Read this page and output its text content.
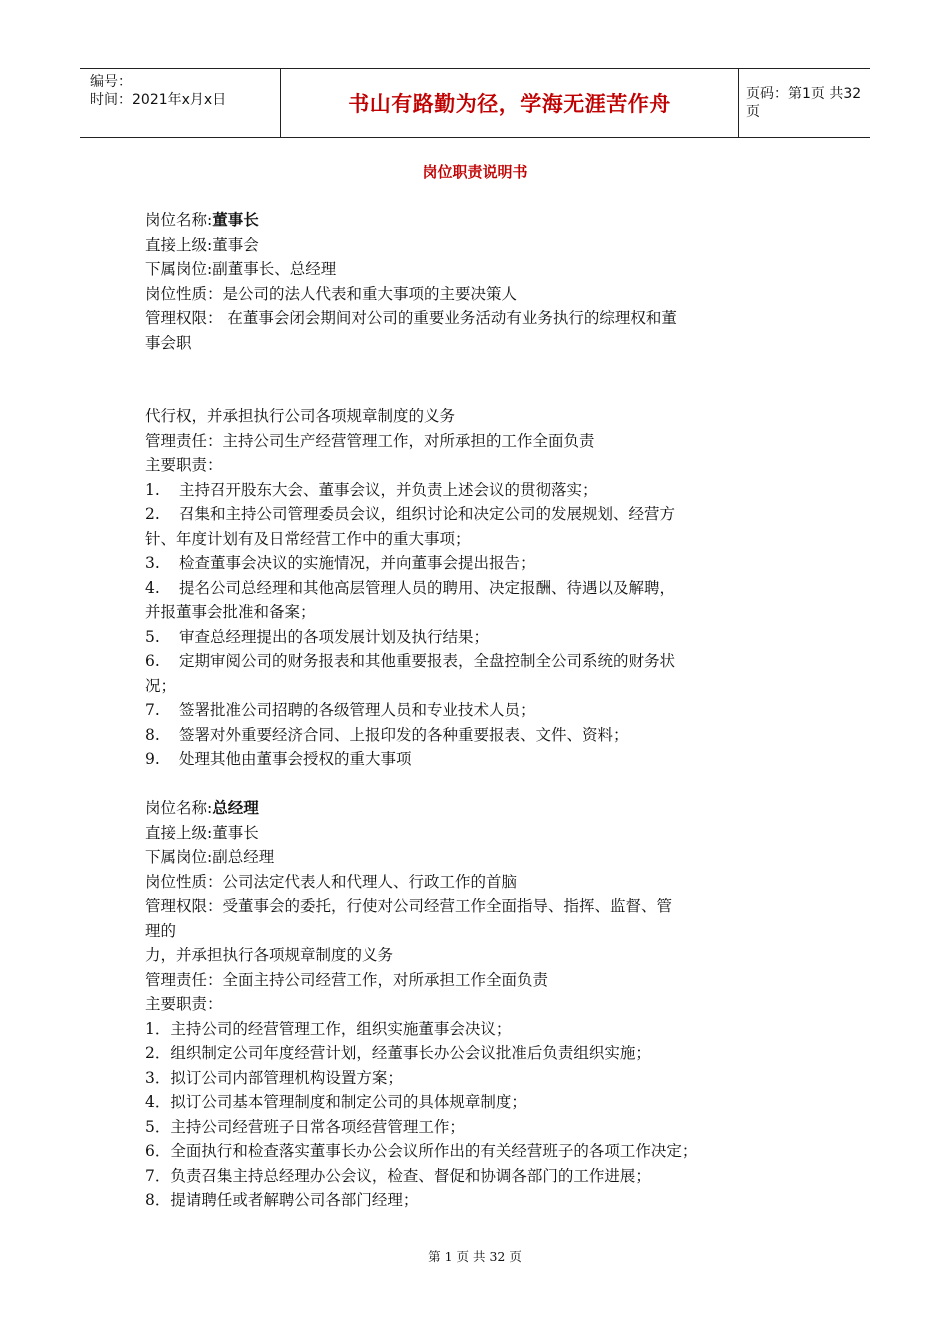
编号：
时间：2021年x月x日	书山有路勤为径，学海无涯苦作舟	页码：第1页 共32页
岗位职责说明书
岗位名称:董事长
直接上级:董事会
下属岗位:副董事长、总经理
岗位性质：是公司的法人代表和重大事项的主要决策人
管理权限： 在董事会闭会期间对公司的重要业务活动有业务执行的综理权和董
事会职
代行权，并承担执行公司各项规章制度的义务
管理责任：主持公司生产经营管理工作，对所承担的工作全面负责
主要职责：
1. 主持召开股东大会、董事会议，并负责上述会议的贯彻落实；
2. 召集和主持公司管理委员会议，组织讨论和决定公司的发展规划、经营方
针、年度计划有及日常经营工作中的重大事项；
3. 检查董事会决议的实施情况，并向董事会提出报告；
4. 提名公司总经理和其他高层管理人员的聘用、决定报酬、待遇以及解聘，
并报董事会批准和备案；
5. 审查总经理提出的各项发展计划及执行结果；
6. 定期审阅公司的财务报表和其他重要报表，全盘控制全公司系统的财务状
况；
7. 签署批准公司招聘的各级管理人员和专业技术人员；
8. 签署对外重要经济合同、上报印发的各种重要报表、文件、资料；
9. 处理其他由董事会授权的重大事项
岗位名称:总经理
直接上级:董事长
下属岗位:副总经理
岗位性质：公司法定代表人和代理人、行政工作的首脑
管理权限：受董事会的委托，行使对公司经营工作全面指导、指挥、监督、管
理的
力，并承担执行各项规章制度的义务
管理责任：全面主持公司经营工作，对所承担工作全面负责
主要职责：
1．主持公司的经营管理工作，组织实施董事会决议；
2．组织制定公司年度经营计划，经董事长办公会议批准后负责组织实施；
3．拟订公司内部管理机构设置方案；
4．拟订公司基本管理制度和制定公司的具体规章制度；
5．主持公司经营班子日常各项经营管理工作；
6．全面执行和检查落实董事长办公会议所作出的有关经营班子的各项工作决定；
7．负责召集主持总经理办公会议，检查、督促和协调各部门的工作进展；
8．提请聘任或者解聘公司各部门经理；
第 1 页 共 32 页
